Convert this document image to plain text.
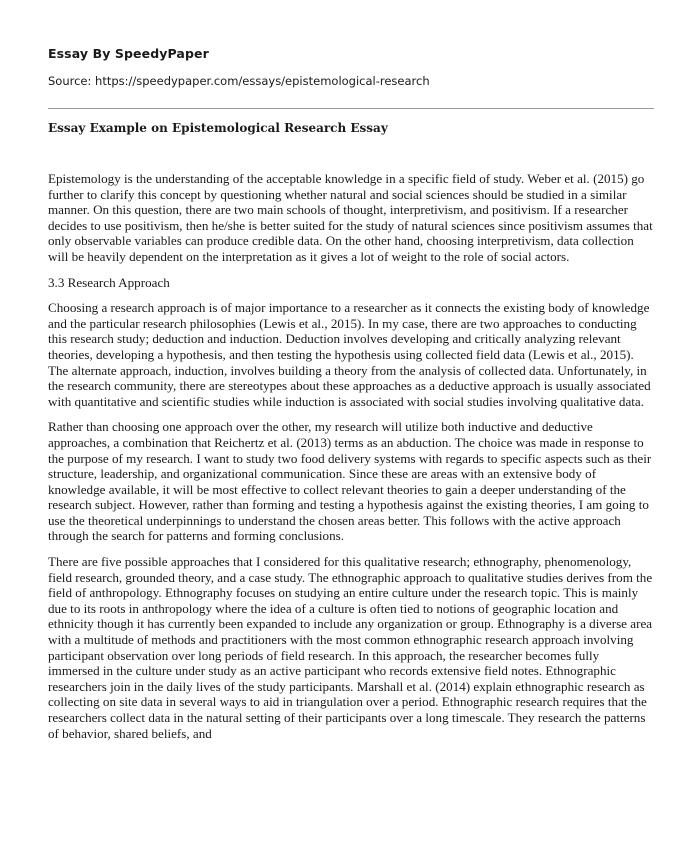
Essay By SpeedyPaper
Source: https://speedypaper.com/essays/epistemological-research
Essay Example on Epistemological Research Essay

Epistemology is the understanding of the acceptable knowledge in a specific field of study. Weber et al. (2015) go further to clarify this concept by questioning whether natural and social sciences should be studied in a similar manner. On this question, there are two main schools of thought, interpretivism, and positivism. If a researcher decides to use positivism, then he/she is better suited for the study of natural sciences since positivism assumes that only observable variables can produce credible data. On the other hand, choosing interpretivism, data collection will be heavily dependent on the interpretation as it gives a lot of weight to the role of social actors.

3.3 Research Approach

Choosing a research approach is of major importance to a researcher as it connects the existing body of knowledge and the particular research philosophies (Lewis et al., 2015). In my case, there are two approaches to conducting this research study; deduction and induction. Deduction involves developing and critically analyzing relevant theories, developing a hypothesis, and then testing the hypothesis using collected field data (Lewis et al., 2015). The alternate approach, induction, involves building a theory from the analysis of collected data. Unfortunately, in the research community, there are stereotypes about these approaches as a deductive approach is usually associated with quantitative and scientific studies while induction is associated with social studies involving qualitative data.

Rather than choosing one approach over the other, my research will utilize both inductive and deductive approaches, a combination that Reichertz et al. (2013) terms as an abduction. The choice was made in response to the purpose of my research. I want to study two food delivery systems with regards to specific aspects such as their structure, leadership, and organizational communication. Since these are areas with an extensive body of knowledge available, it will be most effective to collect relevant theories to gain a deeper understanding of the research subject. However, rather than forming and testing a hypothesis against the existing theories, I am going to use the theoretical underpinnings to understand the chosen areas better. This follows with the active approach through the search for patterns and forming conclusions.

There are five possible approaches that I considered for this qualitative research; ethnography, phenomenology, field research, grounded theory, and a case study. The ethnographic approach to qualitative studies derives from the field of anthropology. Ethnography focuses on studying an entire culture under the research topic. This is mainly due to its roots in anthropology where the idea of a culture is often tied to notions of geographic location and ethnicity though it has currently been expanded to include any organization or group. Ethnography is a diverse area with a multitude of methods and practitioners with the most common ethnographic research approach involving participant observation over long periods of field research. In this approach, the researcher becomes fully immersed in the culture under study as an active participant who records extensive field notes. Ethnographic researchers join in the daily lives of the study participants. Marshall et al. (2014) explain ethnographic research as collecting on site data in several ways to aid in triangulation over a period. Ethnographic research requires that the researchers collect data in the natural setting of their participants over a long timescale. They research the patterns of behavior, shared beliefs, and
